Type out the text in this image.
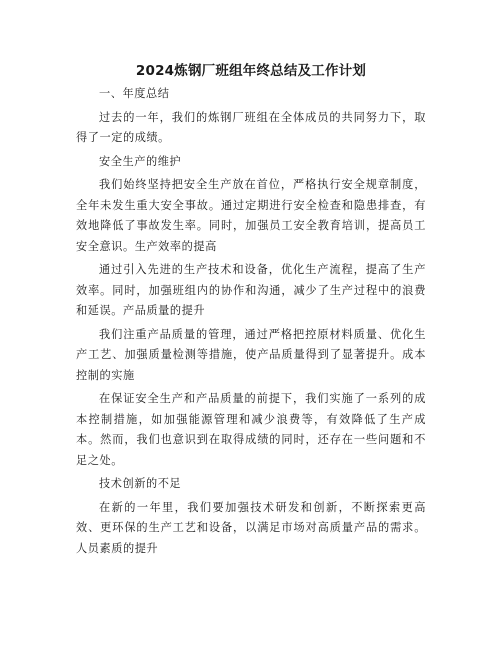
2024炼钢厂班组年终总结及工作计划

一、年度总结

过去的一年，我们的炼钢厂班组在全体成员的共同努力下，取得了一定的成绩。

安全生产的维护

我们始终坚持把安全生产放在首位，严格执行安全规章制度，全年未发生重大安全事故。通过定期进行安全检查和隐患排查，有效地降低了事故发生率。同时，加强员工安全教育培训，提高员工安全意识。生产效率的提高

通过引入先进的生产技术和设备，优化生产流程，提高了生产效率。同时，加强班组内的协作和沟通，减少了生产过程中的浪费和延误。产品质量的提升

我们注重产品质量的管理，通过严格把控原材料质量、优化生产工艺、加强质量检测等措施，使产品质量得到了显著提升。成本控制的实施

在保证安全生产和产品质量的前提下，我们实施了一系列的成本控制措施，如加强能源管理和减少浪费等，有效降低了生产成本。然而，我们也意识到在取得成绩的同时，还存在一些问题和不足之处。

技术创新的不足

在新的一年里，我们要加强技术研发和创新，不断探索更高效、更环保的生产工艺和设备，以满足市场对高质量产品的需求。人员素质的提升
